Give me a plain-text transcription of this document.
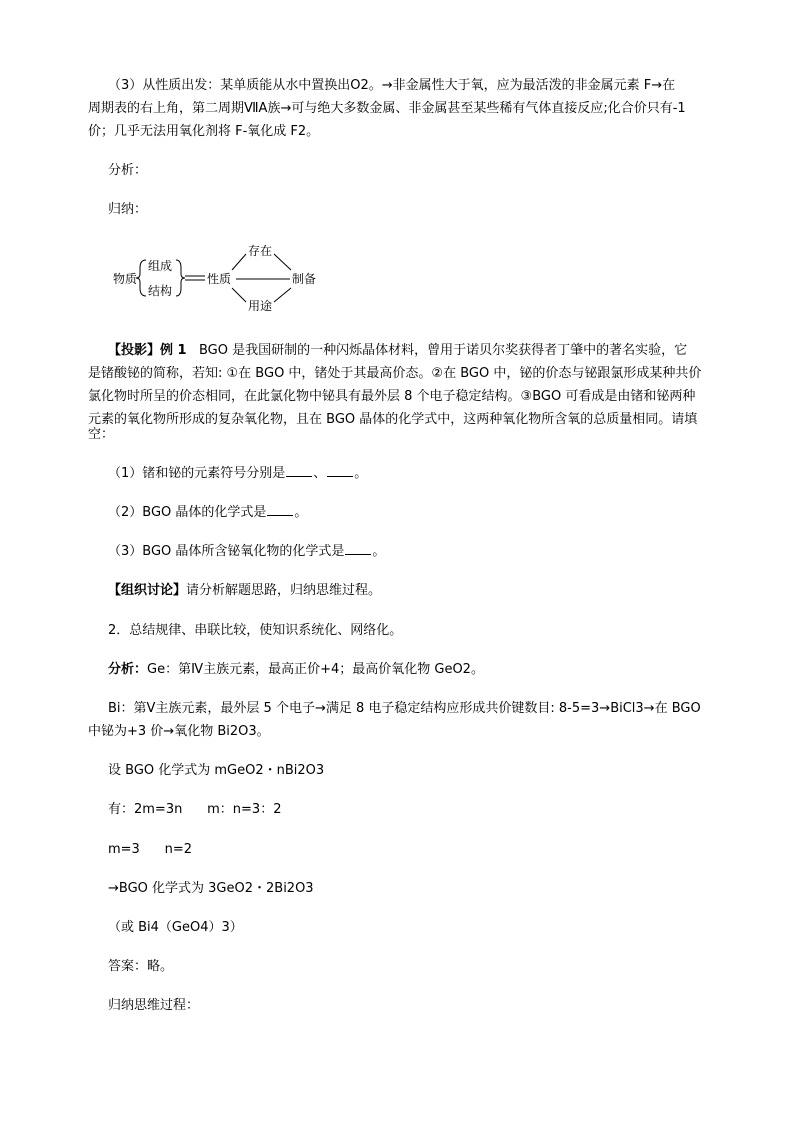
（3）从性质出发：某单质能从水中置换出O2。→非金属性大于氧，应为最活泼的非金属元素 F→在
周期表的右上角，第二周期ⅦA族→可与绝大多数金属、非金属甚至某些稀有气体直接反应;化合价只有-1
价；几乎无法用氧化剂将 F-氧化成 F2。
分析：
归纳：
物质
组成
结构
性质
存在
制备
用途
【投影】例 1 BGO 是我国研制的一种闪烁晶体材料，曾用于诺贝尔奖获得者丁肇中的著名实验，它
是锗酸铋的简称，若知: ①在 BGO 中，锗处于其最高价态。②在 BGO 中，铋的价态与铋跟氯形成某种共价
氯化物时所呈的价态相同，在此氯化物中铋具有最外层 8 个电子稳定结构。③BGO 可看成是由锗和铋两种
元素的氧化物所形成的复杂氧化物，且在 BGO 晶体的化学式中，这两种氧化物所含氧的总质量相同。请填
空：
（1）锗和铋的元素符号分别是 、 。
（2）BGO 晶体的化学式是 。
（3）BGO 晶体所含铋氧化物的化学式是 。
【组织讨论】请分析解题思路，归纳思维过程。
2．总结规律、串联比较，使知识系统化、网络化。
分析：Ge：第Ⅳ主族元素，最高正价+4；最高价氧化物 GeO2。
Bi：第Ⅴ主族元素，最外层 5 个电子→满足 8 电子稳定结构应形成共价键数目: 8-5=3→BiCl3→在 BGO
中铋为+3 价→氧化物 Bi2O3。
设 BGO 化学式为 mGeO2・nBi2O3
有：2m=3n      m：n=3：2
m=3      n=2
→BGO 化学式为 3GeO2・2Bi2O3
（或 Bi4（GeO4）3）
答案：略。
归纳思维过程：
